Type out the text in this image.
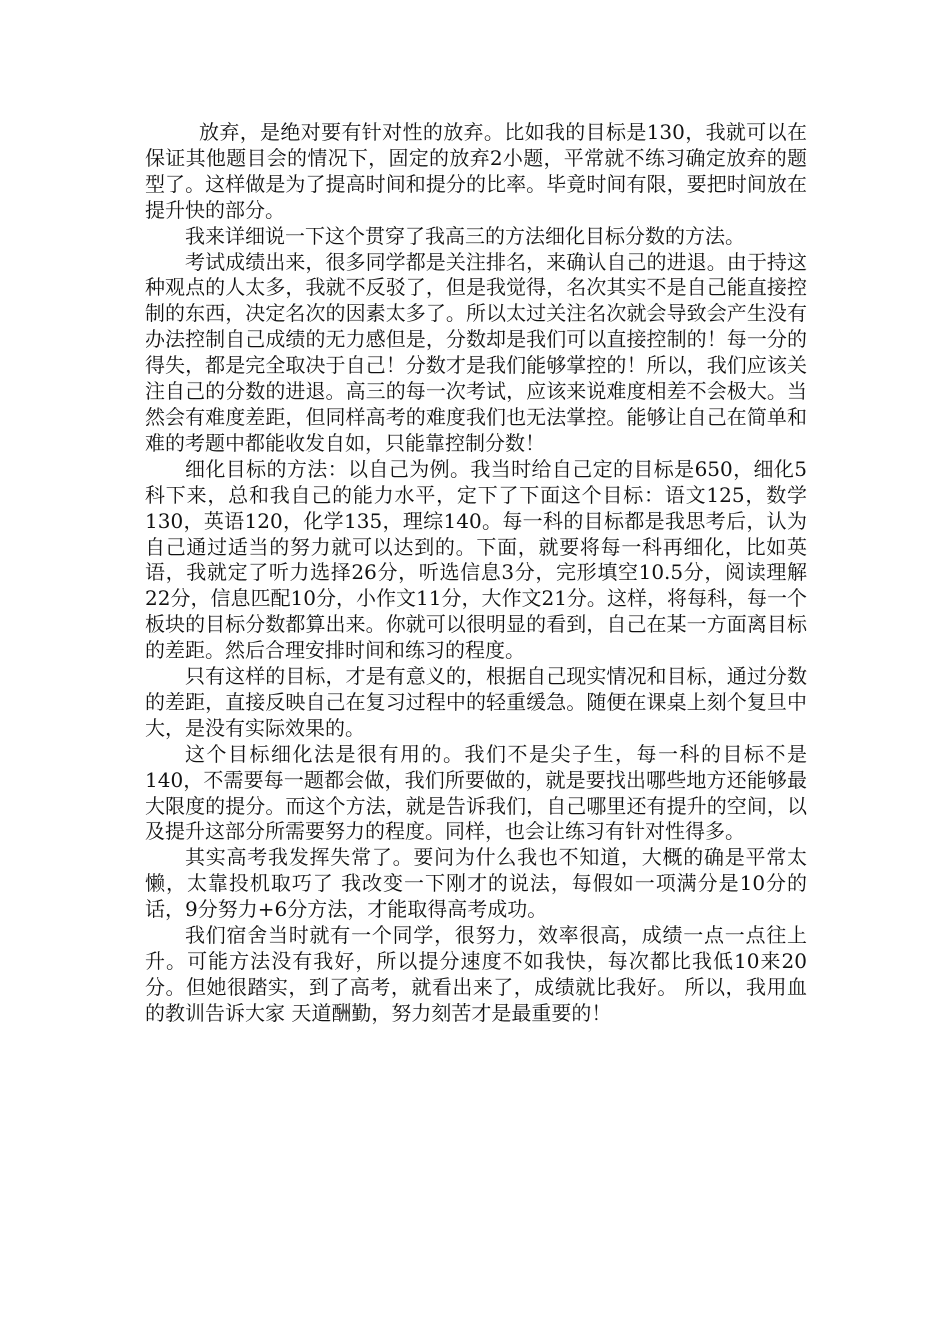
放弃，是绝对要有针对性的放弃。比如我的目标是130，我就可以在保证其他题目会的情况下，固定的放弃2小题，平常就不练习确定放弃的题型了。这样做是为了提高时间和提分的比率。毕竟时间有限，要把时间放在提升快的部分。

我来详细说一下这个贯穿了我高三的方法细化目标分数的方法。

考试成绩出来，很多同学都是关注排名，来确认自己的进退。由于持这种观点的人太多，我就不反驳了，但是我觉得，名次其实不是自己能直接控制的东西，决定名次的因素太多了。所以太过关注名次就会导致会产生没有办法控制自己成绩的无力感但是，分数却是我们可以直接控制的！每一分的得失，都是完全取决于自己！分数才是我们能够掌控的！所以，我们应该关注自己的分数的进退。高三的每一次考试，应该来说难度相差不会极大。当然会有难度差距，但同样高考的难度我们也无法掌控。能够让自己在简单和难的考题中都能收发自如，只能靠控制分数！

细化目标的方法：以自己为例。我当时给自己定的目标是650，细化5科下来，总和我自己的能力水平，定下了下面这个目标：语文125，数学130，英语120，化学135，理综140。每一科的目标都是我思考后，认为自己通过适当的努力就可以达到的。下面，就要将每一科再细化，比如英语，我就定了听力选择26分，听选信息3分，完形填空10.5分，阅读理解22分，信息匹配10分，小作文11分，大作文21分。这样，将每科，每一个板块的目标分数都算出来。你就可以很明显的看到，自己在某一方面离目标的差距。然后合理安排时间和练习的程度。

只有这样的目标，才是有意义的，根据自己现实情况和目标，通过分数的差距，直接反映自己在复习过程中的轻重缓急。随便在课桌上刻个复旦中大，是没有实际效果的。

这个目标细化法是很有用的。我们不是尖子生，每一科的目标不是140，不需要每一题都会做，我们所要做的，就是要找出哪些地方还能够最大限度的提分。而这个方法，就是告诉我们，自己哪里还有提升的空间，以及提升这部分所需要努力的程度。同样，也会让练习有针对性得多。

其实高考我发挥失常了。要问为什么我也不知道，大概的确是平常太懒，太靠投机取巧了 我改变一下刚才的说法，每假如一项满分是10分的话，9分努力+6分方法，才能取得高考成功。

我们宿舍当时就有一个同学，很努力，效率很高，成绩一点一点往上升。可能方法没有我好，所以提分速度不如我快，每次都比我低10来20分。但她很踏实，到了高考，就看出来了，成绩就比我好。 所以，我用血的教训告诉大家 天道酬勤，努力刻苦才是最重要的！
